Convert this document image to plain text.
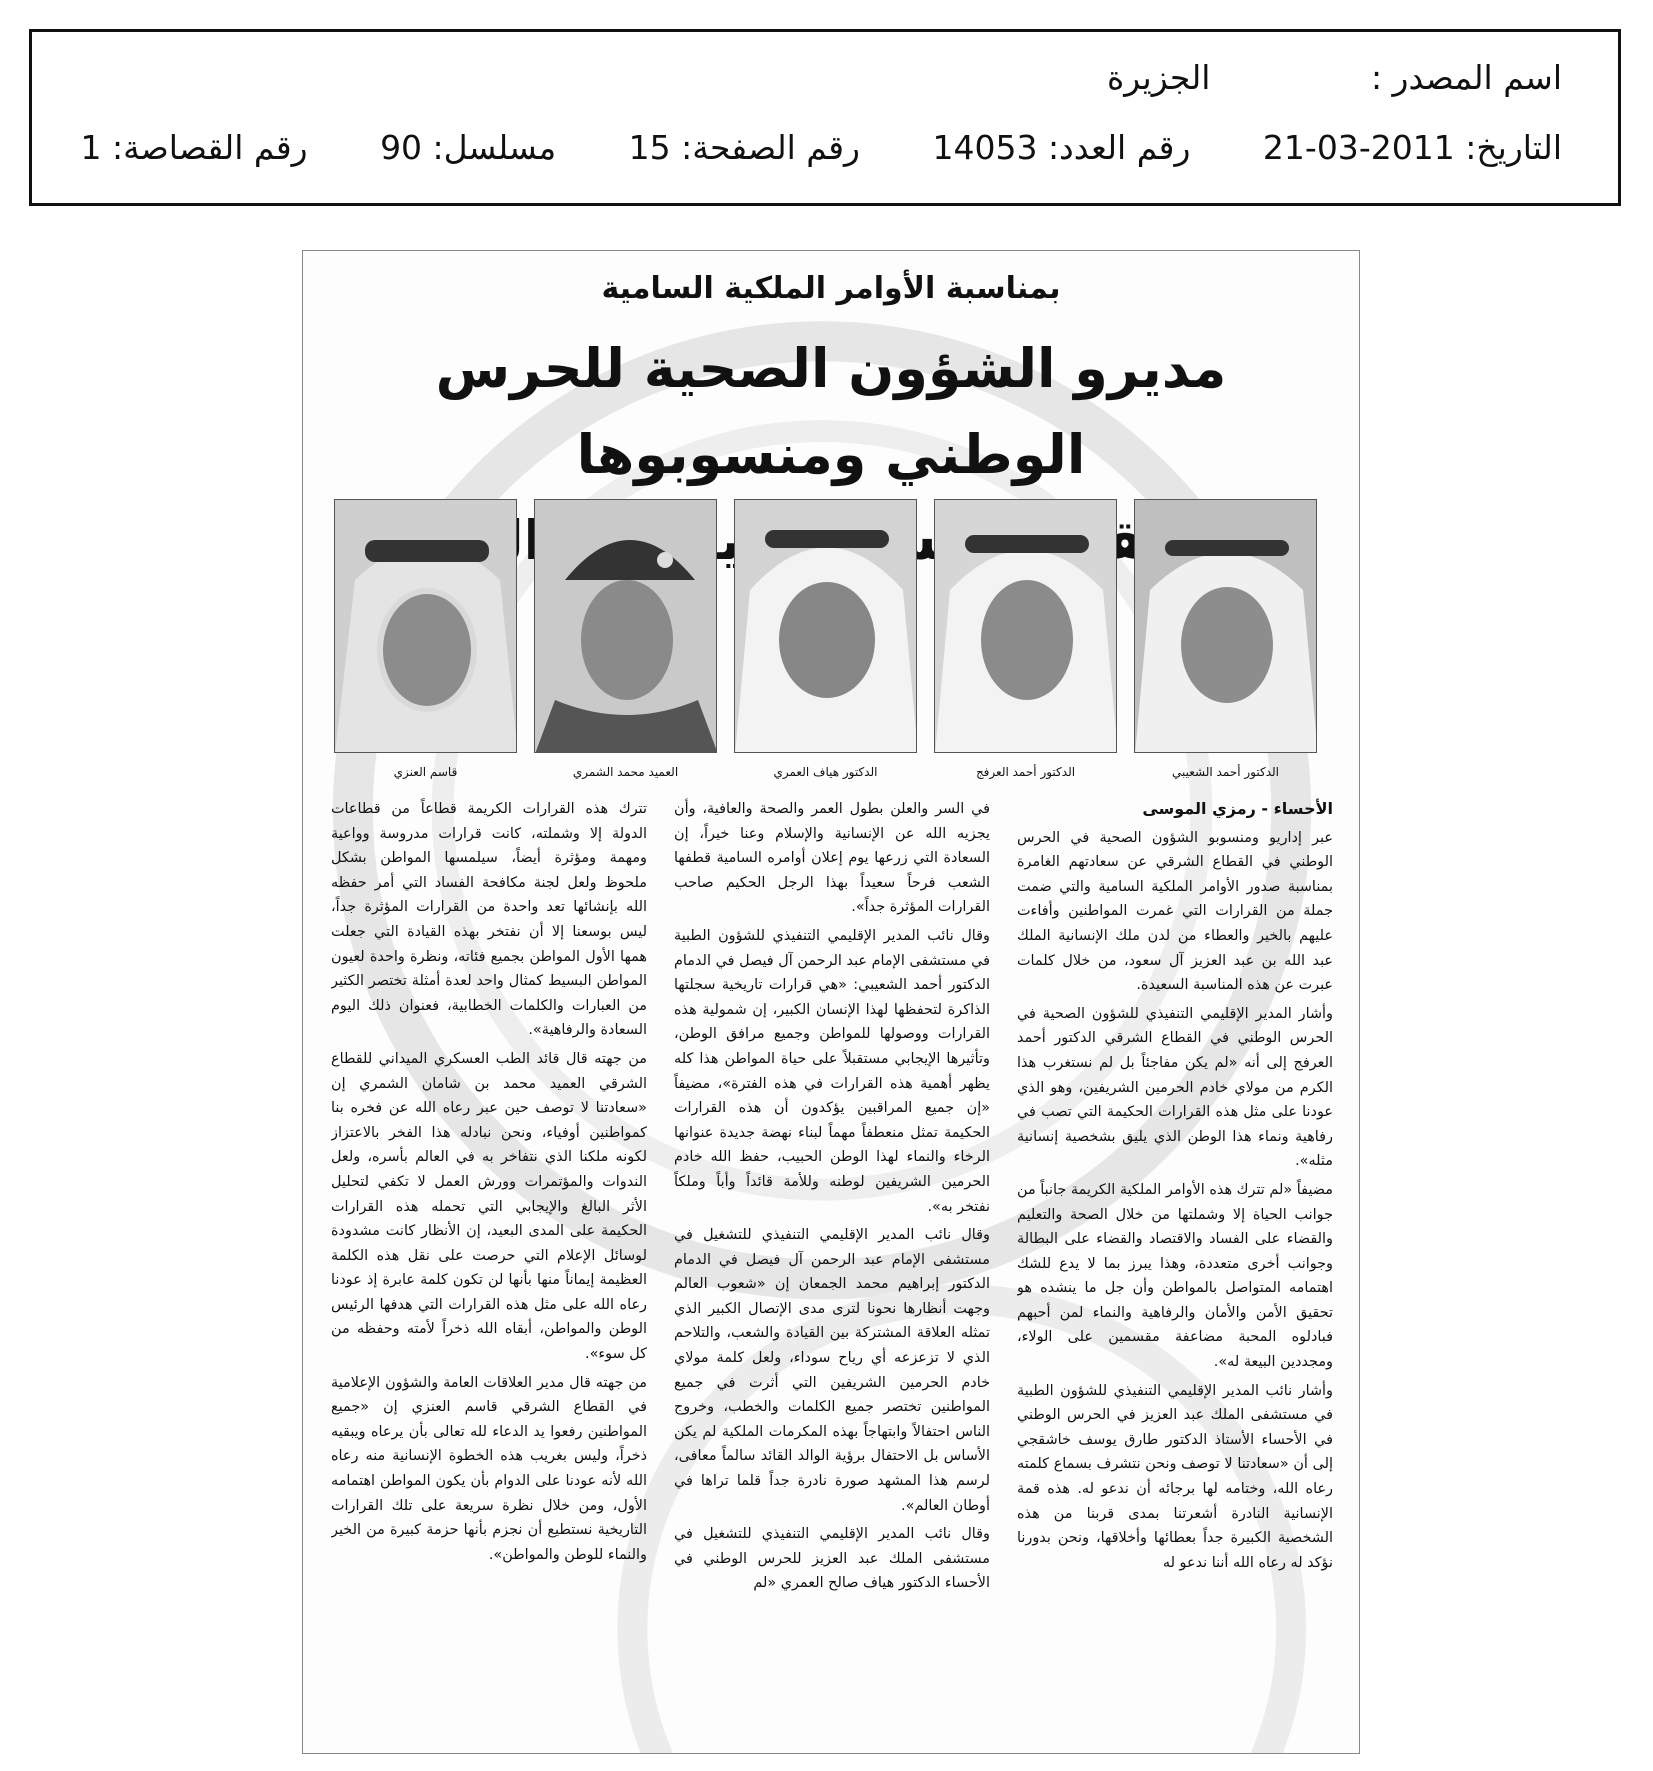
اسم المصدر : الجزيرة
التاريخ: 2011-03-21 رقم العدد: 14053 رقم الصفحة: 15 مسلسل: 90 رقم القصاصة: 1
بمناسبة الأوامر الملكية السامية
مديرو الشؤون الصحية للحرس الوطني ومنسوبوها
قاسم العنزي	العميد محمد الشمري	الدكتور هياف العمري	الدكتور أحمد العرفج	الدكتور أحمد الشعيبي
الأحساء - رمزي الموسى

عبر إداريو ومنسوبو الشؤون الصحية في الحرس الوطني في القطاع الشرقي عن سعادتهم الغامرة بمناسبة صدور الأوامر الملكية السامية والتي ضمت جملة من القرارات التي غمرت المواطنين وأفاءت عليهم بالخير والعطاء من لدن ملك الإنسانية الملك عبد الله بن عبد العزيز آل سعود، من خلال كلمات عبرت عن هذه المناسبة السعيدة.

وأشار المدير الإقليمي التنفيذي للشؤون الصحية في الحرس الوطني في القطاع الشرقي الدكتور أحمد العرفج إلى أنه «لم يكن مفاجئاً بل لم نستغرب هذا الكرم من مولاي خادم الحرمين الشريفين، وهو الذي عودنا على مثل هذه القرارات الحكيمة التي تصب في رفاهية ونماء هذا الوطن الذي يليق بشخصية إنسانية مثله».

مضيفاً «لم تترك هذه الأوامر الملكية الكريمة جانباً من جوانب الحياة إلا وشملتها من خلال الصحة والتعليم والقضاء على الفساد والاقتصاد والقضاء على البطالة وجوانب أخرى متعددة، وهذا يبرز بما لا يدع للشك اهتمامه المتواصل بالمواطن وأن جل ما ينشده هو تحقيق الأمن والأمان والرفاهية والنماء لمن أحبهم فبادلوه المحبة مضاعفة مقسمين على الولاء، ومجددين البيعة له».

وأشار نائب المدير الإقليمي التنفيذي للشؤون الطبية في مستشفى الملك عبد العزيز في الحرس الوطني في الأحساء الأستاذ الدكتور طارق يوسف خاشقجي إلى أن «سعادتنا لا توصف ونحن نتشرف بسماع كلمته رعاه الله، وختامه لها برجائه أن ندعو له. هذه قمة الإنسانية النادرة أشعرتنا بمدى قربنا من هذه الشخصية الكبيرة جداً بعطائها وأخلاقها، ونحن بدورنا نؤكد له رعاه الله أننا ندعو له

في السر والعلن بطول العمر والصحة والعافية، وأن يجزيه الله عن الإنسانية والإسلام وعنا خيراً، إن السعادة التي زرعها يوم إعلان أوامره السامية قطفها الشعب فرحاً سعيداً بهذا الرجل الحكيم صاحب القرارات المؤثرة جداً».

وقال نائب المدير الإقليمي التنفيذي للشؤون الطبية في مستشفى الإمام عبد الرحمن آل فيصل في الدمام الدكتور أحمد الشعيبي: «هي قرارات تاريخية سجلتها الذاكرة لتحفظها لهذا الإنسان الكبير، إن شمولية هذه القرارات ووصولها للمواطن وجميع مرافق الوطن، وتأثيرها الإيجابي مستقبلاً على حياة المواطن هذا كله يظهر أهمية هذه القرارات في هذه الفترة»، مضيفاً «إن جميع المراقبين يؤكدون أن هذه القرارات الحكيمة تمثل منعطفاً مهماً لبناء نهضة جديدة عنوانها الرخاء والنماء لهذا الوطن الحبيب، حفظ الله خادم الحرمين الشريفين لوطنه وللأمة قائداً وأباً وملكاً نفتخر به».

وقال نائب المدير الإقليمي التنفيذي للتشغيل في مستشفى الإمام عبد الرحمن آل فيصل في الدمام الدكتور إبراهيم محمد الجمعان إن «شعوب العالم وجهت أنظارها نحونا لترى مدى الإتصال الكبير الذي تمثله العلاقة المشتركة بين القيادة والشعب، والتلاحم الذي لا تزعزعه أي رياح سوداء، ولعل كلمة مولاي خادم الحرمين الشريفين التي أثرت في جميع المواطنين تختصر جميع الكلمات والخطب، وخروج الناس احتفالاً وابتهاجاً بهذه المكرمات الملكية لم يكن الأساس بل الاحتفال برؤية الوالد القائد سالماً معافى، لرسم هذا المشهد صورة نادرة جداً قلما تراها في أوطان العالم».

وقال نائب المدير الإقليمي التنفيذي للتشغيل في مستشفى الملك عبد العزيز للحرس الوطني في الأحساء الدكتور هياف صالح العمري «لم

تترك هذه القرارات الكريمة قطاعاً من قطاعات الدولة إلا وشملته، كانت قرارات مدروسة وواعية ومهمة ومؤثرة أيضاً، سيلمسها المواطن بشكل ملحوظ ولعل لجنة مكافحة الفساد التي أمر حفظه الله بإنشائها تعد واحدة من القرارات المؤثرة جداً، ليس بوسعنا إلا أن نفتخر بهذه القيادة التي جعلت همها الأول المواطن بجميع فئاته، ونظرة واحدة لعيون المواطن البسيط كمثال واحد لعدة أمثلة تختصر الكثير من العبارات والكلمات الخطابية، فعنوان ذلك اليوم السعادة والرفاهية».

من جهته قال قائد الطب العسكري الميداني للقطاع الشرقي العميد محمد بن شامان الشمري إن «سعادتنا لا توصف حين عبر رعاه الله عن فخره بنا كمواطنين أوفياء، ونحن نبادله هذا الفخر بالاعتزاز لكونه ملكنا الذي نتفاخر به في العالم بأسره، ولعل الندوات والمؤتمرات وورش العمل لا تكفي لتحليل الأثر البالغ والإيجابي التي تحمله هذه القرارات الحكيمة على المدى البعيد، إن الأنظار كانت مشدودة لوسائل الإعلام التي حرصت على نقل هذه الكلمة العظيمة إيماناً منها بأنها لن تكون كلمة عابرة إذ عودنا رعاه الله على مثل هذه القرارات التي هدفها الرئيس الوطن والمواطن، أبقاه الله ذخراً لأمته وحفظه من كل سوء».

من جهته قال مدير العلاقات العامة والشؤون الإعلامية في القطاع الشرقي قاسم العنزي إن «جميع المواطنين رفعوا يد الدعاء لله تعالى بأن يرعاه ويبقيه ذخراً، وليس بغريب هذه الخطوة الإنسانية منه رعاه الله لأنه عودنا على الدوام بأن يكون المواطن اهتمامه الأول، ومن خلال نظرة سريعة على تلك القرارات التاريخية نستطيع أن نجزم بأنها حزمة كبيرة من الخير والنماء للوطن والمواطن».
